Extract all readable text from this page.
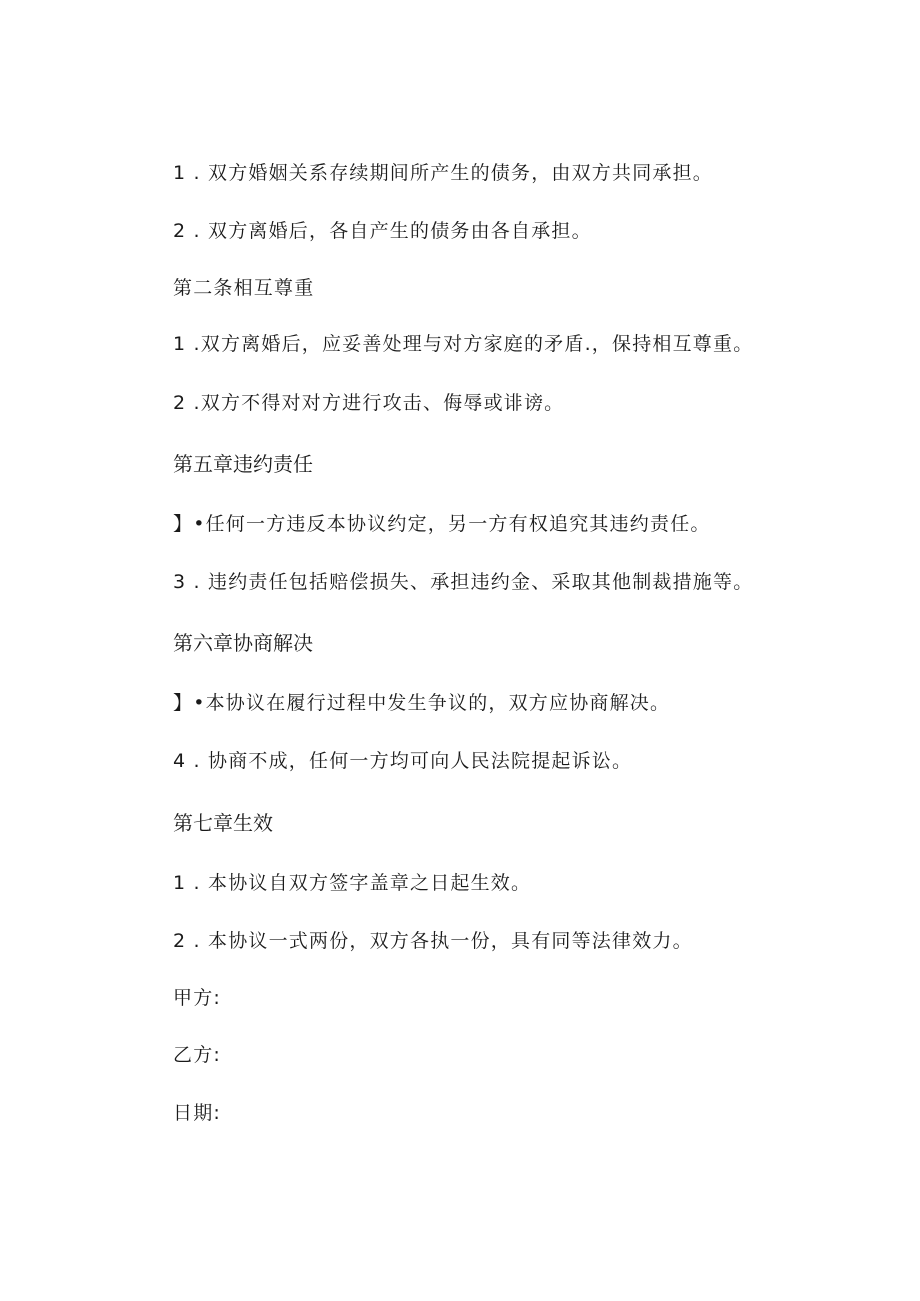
1 . 双方婚姻关系存续期间所产生的债务，由双方共同承担。
2 . 双方离婚后，各自产生的债务由各自承担。
第二条相互尊重
1 .双方离婚后，应妥善处理与对方家庭的矛盾.，保持相互尊重。
2 .双方不得对对方进行攻击、侮辱或诽谤。
第五章违约责任
】•任何一方违反本协议约定，另一方有权追究其违约责任。
3 . 违约责任包括赔偿损失、承担违约金、采取其他制裁措施等。
第六章协商解决
】•本协议在履行过程中发生争议的，双方应协商解决。
4 . 协商不成，任何一方均可向人民法院提起诉讼。
第七章生效
1 . 本协议自双方签字盖章之日起生效。
2 . 本协议一式两份，双方各执一份，具有同等法律效力。
甲方:
乙方:
日期:
